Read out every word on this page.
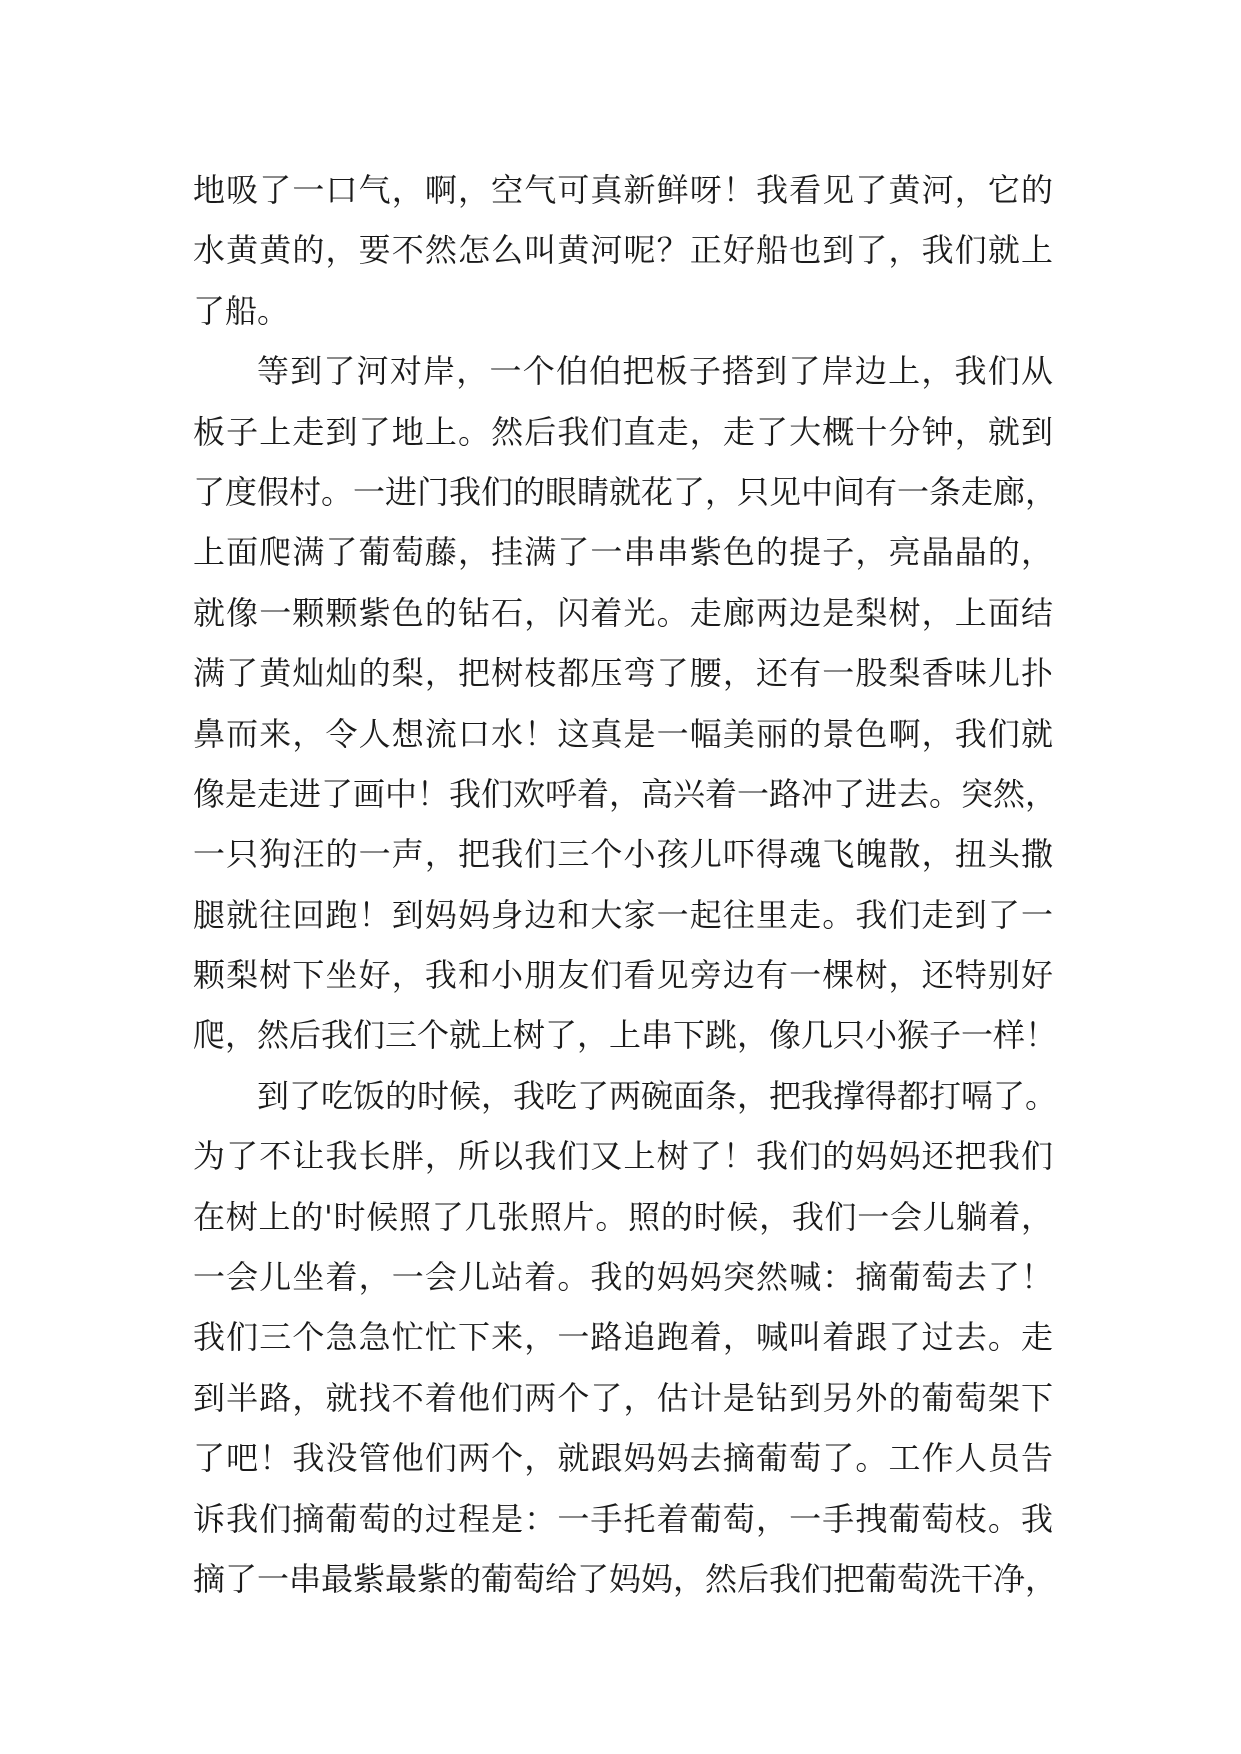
地吸了一口气，啊，空气可真新鲜呀！我看见了黄河，它的
水黄黄的，要不然怎么叫黄河呢？正好船也到了，我们就上
了船。
等到了河对岸，一个伯伯把板子搭到了岸边上，我们从
板子上走到了地上。然后我们直走，走了大概十分钟，就到
了度假村。一进门我们的眼睛就花了，只见中间有一条走廊，
上面爬满了葡萄藤，挂满了一串串紫色的提子，亮晶晶的，
就像一颗颗紫色的钻石，闪着光。走廊两边是梨树，上面结
满了黄灿灿的梨，把树枝都压弯了腰，还有一股梨香味儿扑
鼻而来，令人想流口水！这真是一幅美丽的景色啊，我们就
像是走进了画中！我们欢呼着，高兴着一路冲了进去。突然，
一只狗汪的一声，把我们三个小孩儿吓得魂飞魄散，扭头撒
腿就往回跑！到妈妈身边和大家一起往里走。我们走到了一
颗梨树下坐好，我和小朋友们看见旁边有一棵树，还特别好
爬，然后我们三个就上树了，上串下跳，像几只小猴子一样！
到了吃饭的时候，我吃了两碗面条，把我撑得都打嗝了。
为了不让我长胖，所以我们又上树了！我们的妈妈还把我们
在树上的'时候照了几张照片。照的时候，我们一会儿躺着，
一会儿坐着，一会儿站着。我的妈妈突然喊：摘葡萄去了！
我们三个急急忙忙下来，一路追跑着，喊叫着跟了过去。走
到半路，就找不着他们两个了，估计是钻到另外的葡萄架下
了吧！我没管他们两个，就跟妈妈去摘葡萄了。工作人员告
诉我们摘葡萄的过程是：一手托着葡萄，一手拽葡萄枝。我
摘了一串最紫最紫的葡萄给了妈妈，然后我们把葡萄洗干净，
